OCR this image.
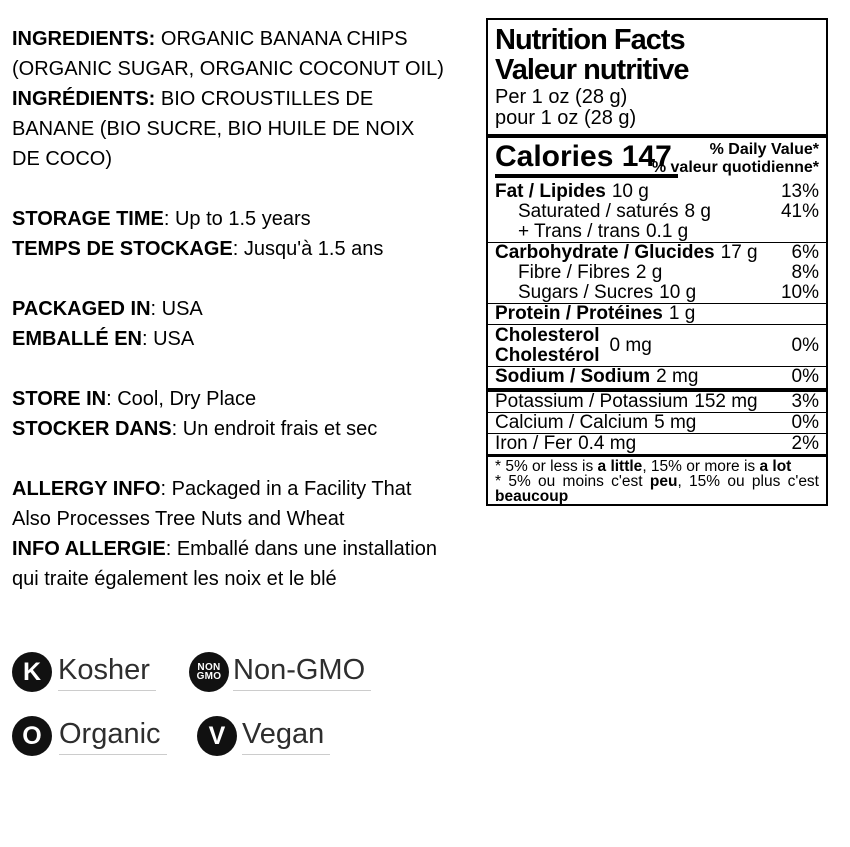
INGREDIENTS: ORGANIC BANANA CHIPS
(ORGANIC SUGAR, ORGANIC COCONUT OIL)
INGRÉDIENTS: BIO CROUSTILLES DE
BANANE (BIO SUCRE, BIO HUILE DE NOIX
DE COCO)
STORAGE TIME: Up to 1.5 years
TEMPS DE STOCKAGE: Jusqu'à 1.5 ans
PACKAGED IN: USA
EMBALLÉ EN: USA
STORE IN: Cool, Dry Place
STOCKER DANS: Un endroit frais et sec
ALLERGY INFO: Packaged in a Facility That
Also Processes Tree Nuts and Wheat
INFO ALLERGIE: Emballé dans une installation
qui traite également les noix et le blé
K Kosher	NON
GMO Non-GMO
O Organic V Vegan
Nutrition Facts
Valeur nutritive
Per 1 oz (28 g)
pour 1 oz (28 g)
Calories 147	% Daily Value*
% valeur quotidienne*
Fat / Lipides 10 g	13%
Saturated / saturés 8 g	41%
+ Trans / trans 0.1 g
Carbohydrate / Glucides 17 g 6%
Fibre / Fibres 2 g	8%
Sugars / Sucres 10 g	10%
Protein / Protéines 1 g
Cholesterol
Cholestérol 0 mg	0%
Sodium / Sodium 2 mg	0%
Potassium / Potassium 152 mg 3%
Calcium / Calcium 5 mg	0%
Iron / Fer 0.4 mg	2%
* 5% or less is a little, 15% or more is a lot
* 5% ou moins c'est peu, 15% ou plus c'est beaucoup
